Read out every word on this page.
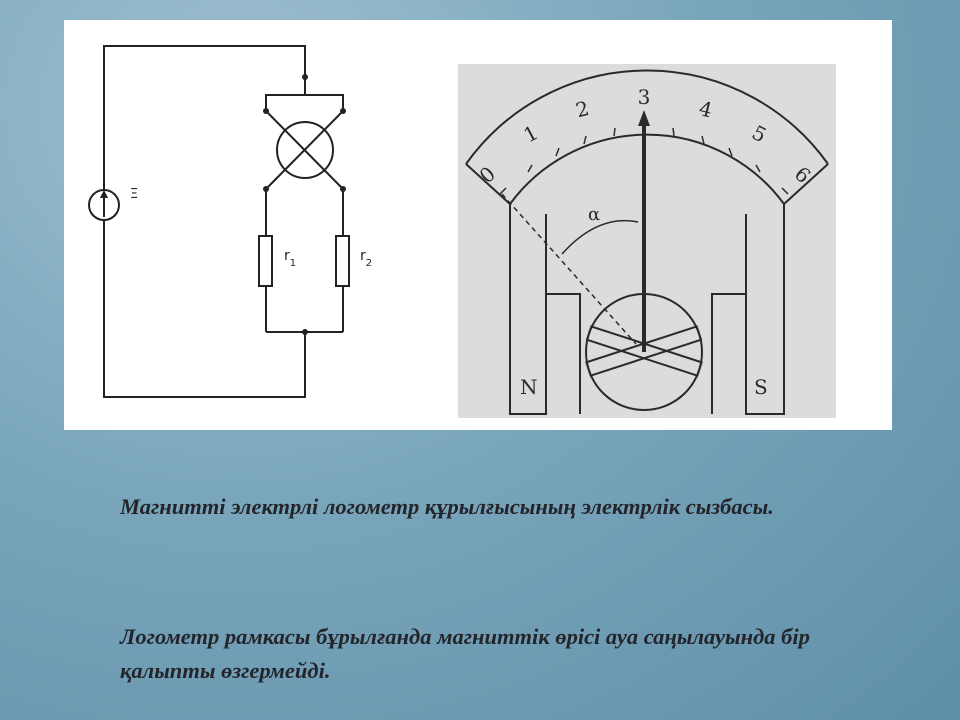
Ξ
$r_1$	$r_2$
0
1
2 3 4
5
6
α
N	S
Магнитті электрлі логометр құрылғысының электрлік сызбасы.
Логометр рамкасы бұрылғанда магниттік өрісі ауа саңылауында бір қалыпты өзгермейді.
